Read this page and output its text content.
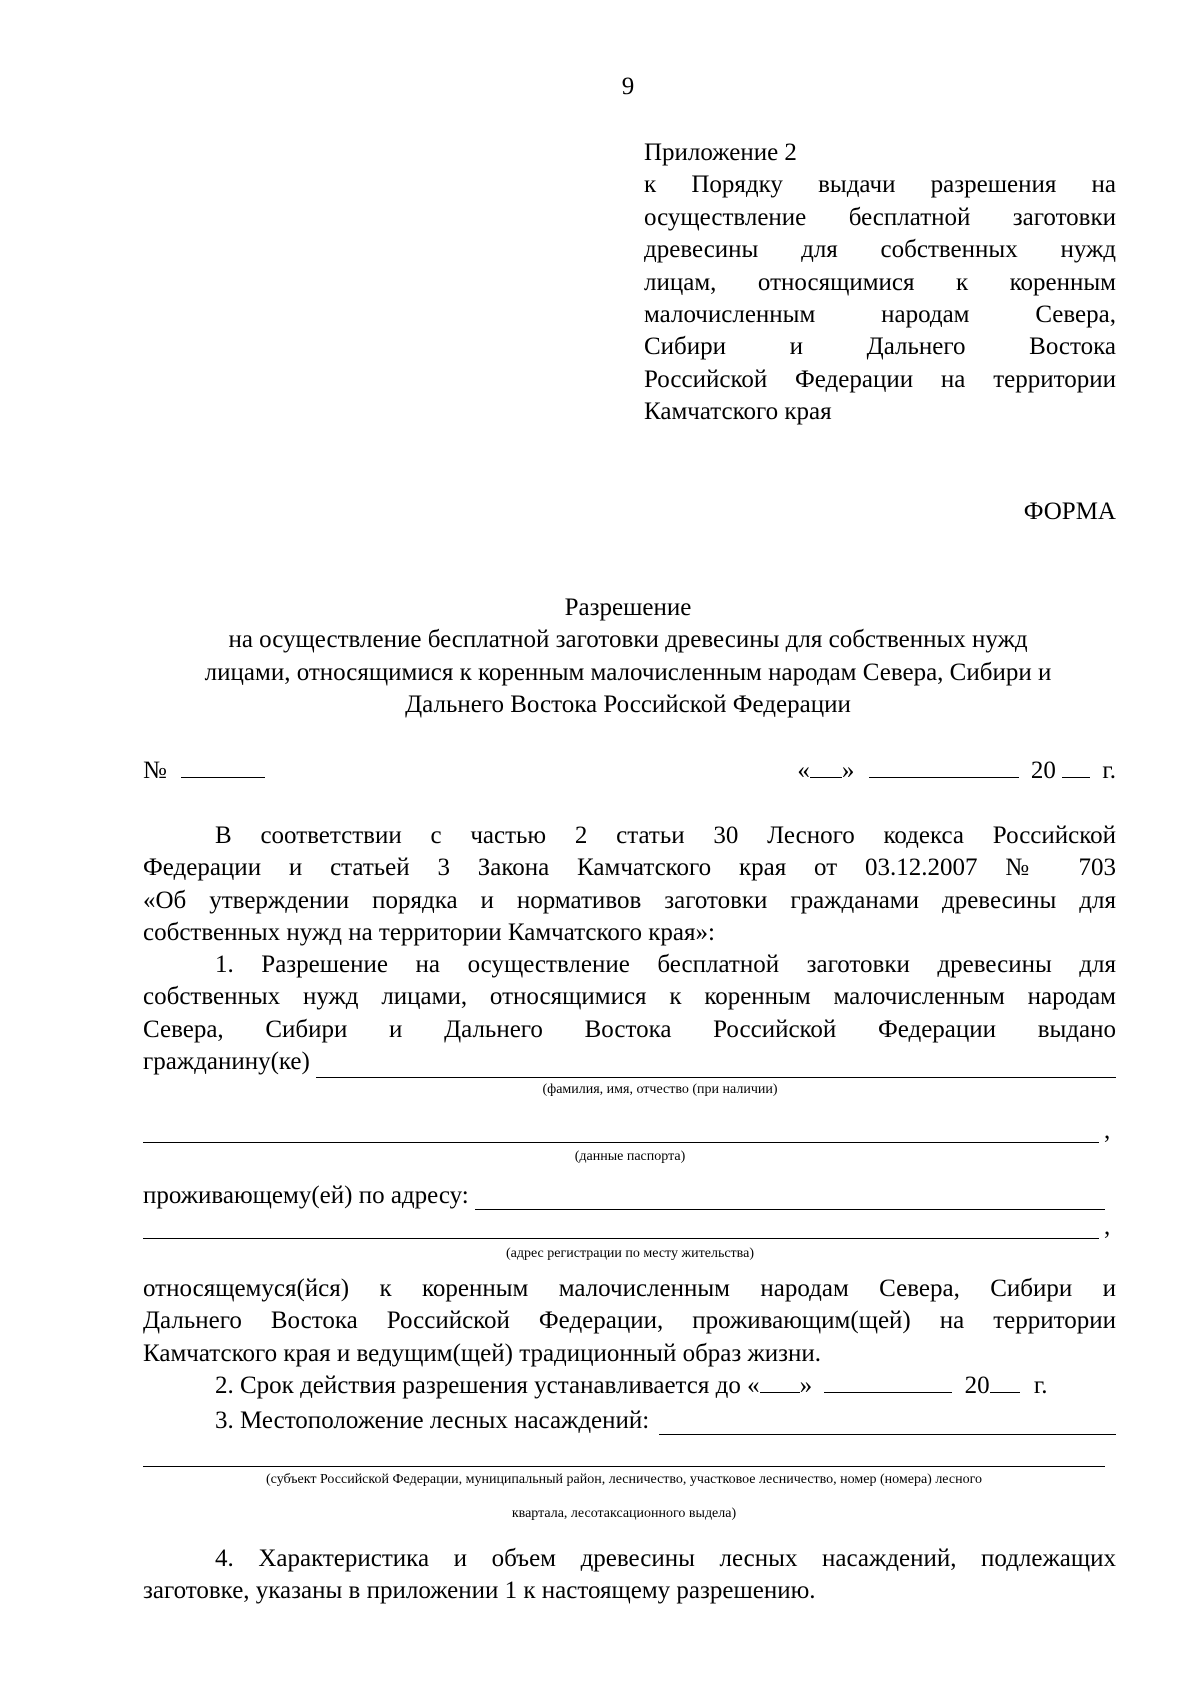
9
Приложение 2
к Порядку выдачи разрешения на
осуществление бесплатной заготовки
древесины для собственных нужд
лицам, относящимися к коренным
малочисленным народам Севера,
Сибири и Дальнего Востока
Российской Федерации на территории
Камчатского края
ФОРМА
Разрешение
на осуществление бесплатной заготовки древесины для собственных нужд
лицами, относящимися к коренным малочисленным народам Севера, Сибири и
Дальнего Востока Российской Федерации
№	« »	20 г.
В соответствии с частью 2 статьи 30 Лесного кодекса Российской
Федерации и статьей 3 Закона Камчатского края от 03.12.2007 № 703
«Об утверждении порядка и нормативов заготовки гражданами древесины для
собственных нужд на территории Камчатского края»:
1. Разрешение на осуществление бесплатной заготовки древесины для
собственных нужд лицами, относящимися к коренным малочисленным народам
Севера, Сибири и Дальнего Востока Российской Федерации выдано
гражданину(ке)
(фамилия, имя, отчество (при наличии)
,
(данные паспорта)
проживающему(ей) по адресу:
,
(адрес регистрации по месту жительства)
относящемуся(йся) к коренным малочисленным народам Севера, Сибири и
Дальнего Востока Российской Федерации, проживающим(щей) на территории
Камчатского края и ведущим(щей) традиционный образ жизни.
2. Срок действия разрешения устанавливается до « »	20 г.
3. Местоположение лесных насаждений:
(субъект Российской Федерации, муниципальный район, лесничество, участковое лесничество, номер (номера) лесного
квартала, лесотаксационного выдела)
4. Характеристика и объем древесины лесных насаждений, подлежащих
заготовке, указаны в приложении 1 к настоящему разрешению.
